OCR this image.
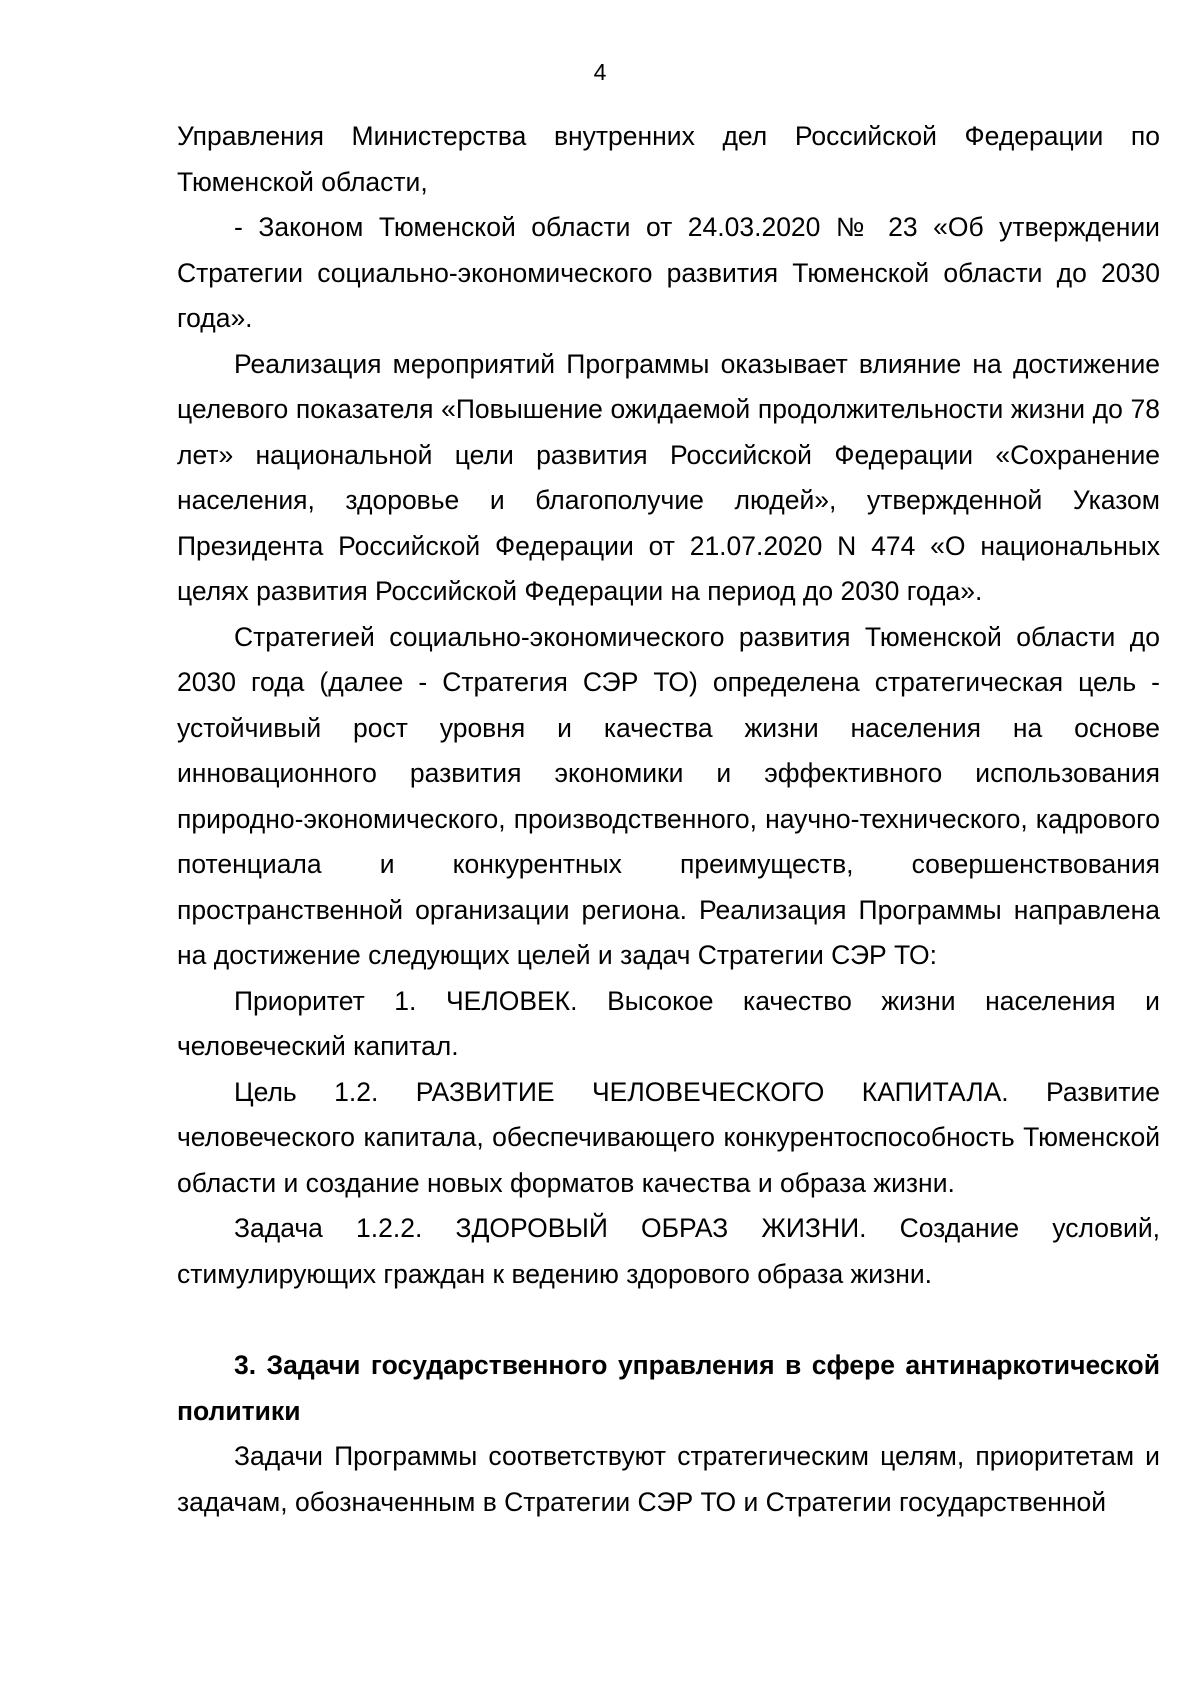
4

Управления Министерства внутренних дел Российской Федерации по Тюменской области,

- Законом Тюменской области от 24.03.2020 № 23 «Об утверждении Стратегии социально-экономического развития Тюменской области до 2030 года».

Реализация мероприятий Программы оказывает влияние на достижение целевого показателя «Повышение ожидаемой продолжительности жизни до 78 лет» национальной цели развития Российской Федерации «Сохранение населения, здоровье и благополучие людей», утвержденной Указом Президента Российской Федерации от 21.07.2020 N 474 «О национальных целях развития Российской Федерации на период до 2030 года».

Стратегией социально-экономического развития Тюменской области до 2030 года (далее - Стратегия СЭР ТО) определена стратегическая цель - устойчивый рост уровня и качества жизни населения на основе инновационного развития экономики и эффективного использования природно-экономического, производственного, научно-технического, кадрового потенциала и конкурентных преимуществ, совершенствования пространственной организации региона. Реализация Программы направлена на достижение следующих целей и задач Стратегии СЭР ТО:

Приоритет 1. ЧЕЛОВЕК. Высокое качество жизни населения и человеческий капитал.

Цель 1.2. РАЗВИТИЕ ЧЕЛОВЕЧЕСКОГО КАПИТАЛА. Развитие человеческого капитала, обеспечивающего конкурентоспособность Тюменской области и создание новых форматов качества и образа жизни.

Задача 1.2.2. ЗДОРОВЫЙ ОБРАЗ ЖИЗНИ. Создание условий, стимулирующих граждан к ведению здорового образа жизни.

3. Задачи государственного управления в сфере антинаркотической политики

Задачи Программы соответствуют стратегическим целям, приоритетам и задачам, обозначенным в Стратегии СЭР ТО и Стратегии государственной
